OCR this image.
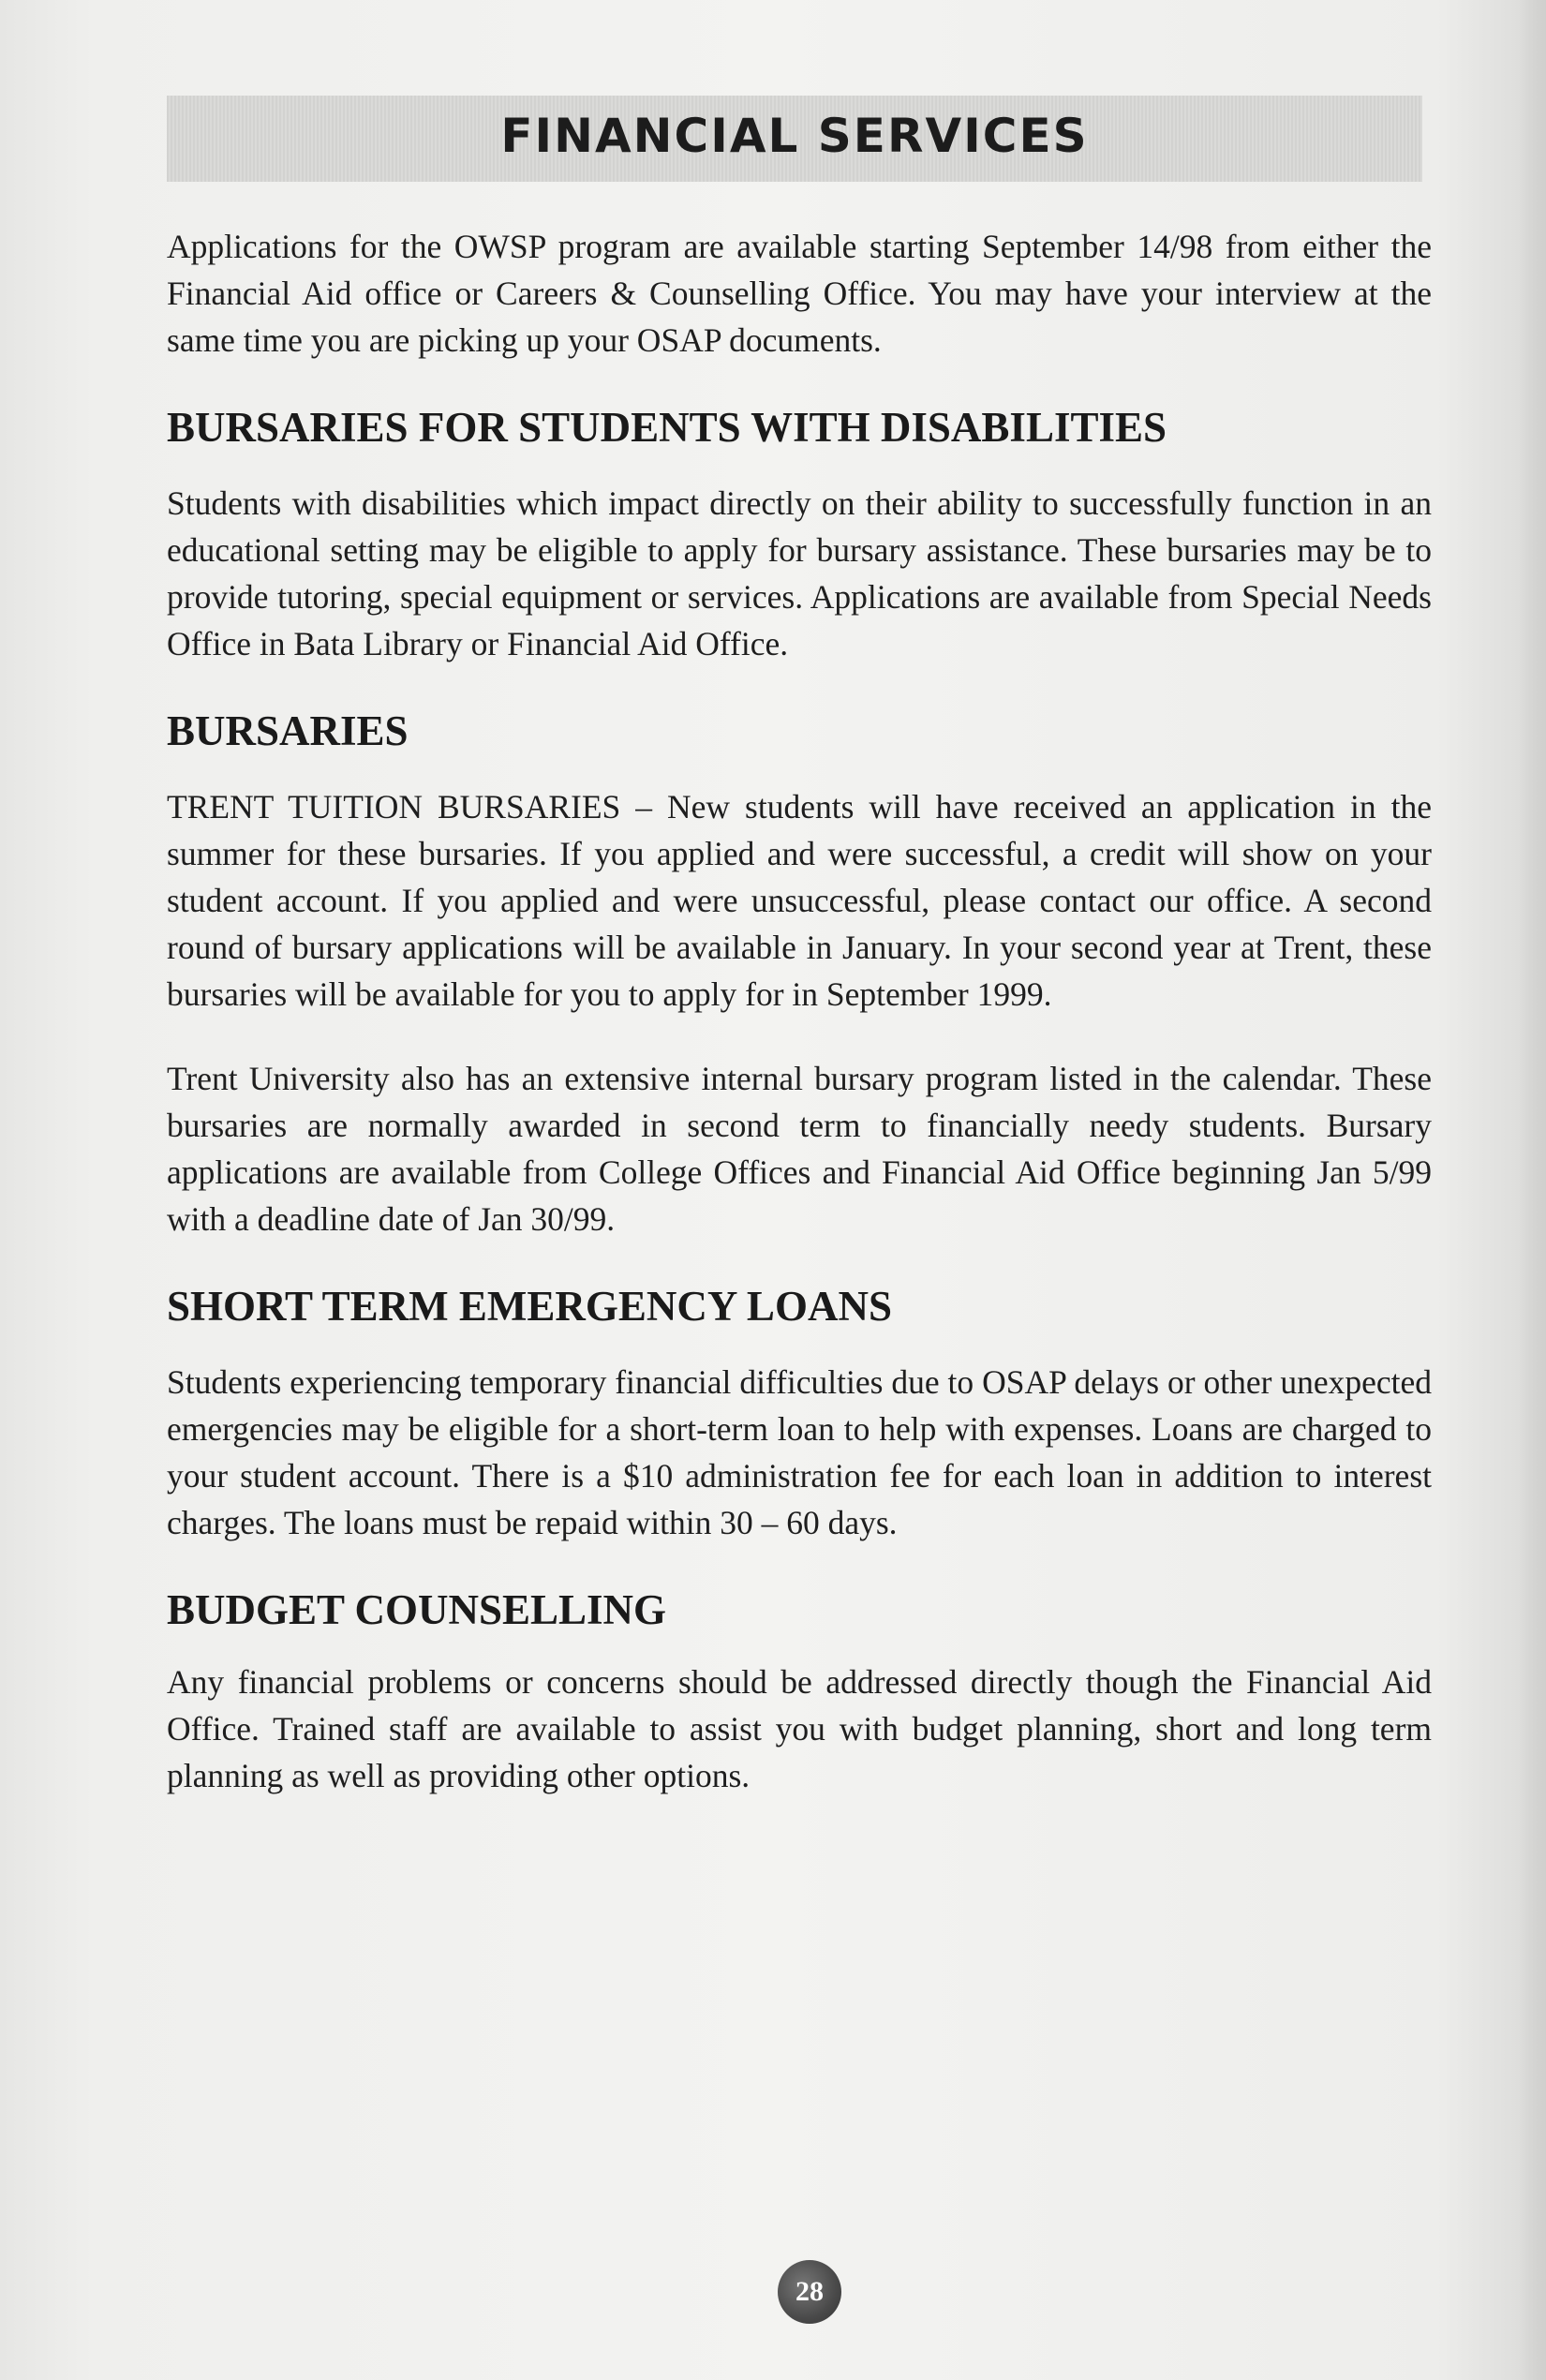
FINANCIAL SERVICES

Applications for the OWSP program are available starting September 14/98 from either the Financial Aid office or Careers & Counselling Office. You may have your interview at the same time you are picking up your OSAP documents.

BURSARIES FOR STUDENTS WITH DISABILITIES

Students with disabilities which impact directly on their ability to successfully function in an educational setting may be eligible to apply for bursary assistance. These bursaries may be to provide tutoring, special equipment or services. Applications are available from Special Needs Office in Bata Library or Financial Aid Office.

BURSARIES

TRENT TUITION BURSARIES – New students will have received an application in the summer for these bursaries. If you applied and were successful, a credit will show on your student account. If you applied and were unsuccessful, please contact our office. A second round of bursary applications will be available in January. In your second year at Trent, these bursaries will be available for you to apply for in September 1999.

Trent University also has an extensive internal bursary program listed in the calendar. These bursaries are normally awarded in second term to financially needy students. Bursary applications are available from College Offices and Financial Aid Office beginning Jan 5/99 with a deadline date of Jan 30/99.

SHORT TERM EMERGENCY LOANS

Students experiencing temporary financial difficulties due to OSAP delays or other unexpected emergencies may be eligible for a short-term loan to help with expenses. Loans are charged to your student account. There is a $10 administration fee for each loan in addition to interest charges. The loans must be repaid within 30 – 60 days.

BUDGET COUNSELLING

Any financial problems or concerns should be addressed directly though the Financial Aid Office. Trained staff are available to assist you with budget planning, short and long term planning as well as providing other options.

28
